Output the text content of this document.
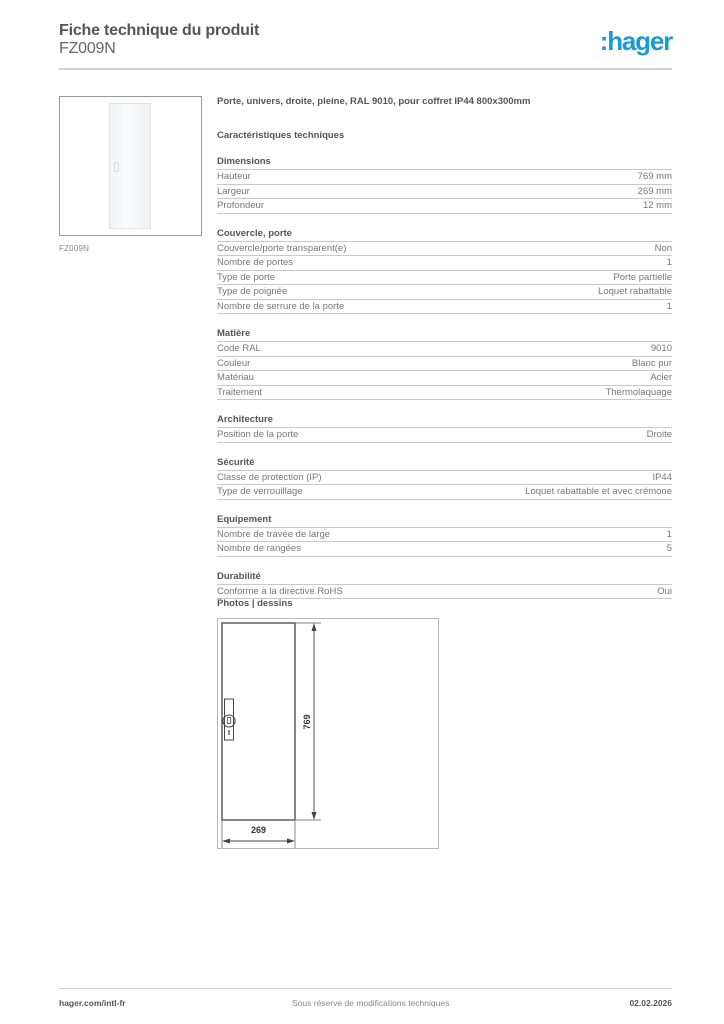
Fiche technique du produit
FZ009N	:hager
FZ009N
Porte, univers, droite, pleine, RAL 9010, pour coffret IP44 800x300mm
Caractéristiques techniques
Dimensions
Hauteur	769 mm
Largeur	269 mm
Profondeur	12 mm
Couvercle, porte
Couvercle/porte transparent(e)	Non
Nombre de portes	1
Type de porte	Porte partielle
Type de poignée	Loquet rabattable
Nombre de serrure de la porte	1
Matière
Code RAL	9010
Couleur	Blanc pur
Matériau	Acier
Traitement	Thermolaquage
Architecture
Position de la porte	Droite
Sécurité
Classe de protection (IP)	IP44
Type de verrouillage	Loquet rabattable et avec crémone
Equipement
Nombre de travée de large	1
Nombre de rangées	5
Durabilité
Conforme à la directive RoHS	Oui
Photos | dessins
769
269
hager.com/intl-fr	Sous réserve de modifications techniques	02.02.2026
